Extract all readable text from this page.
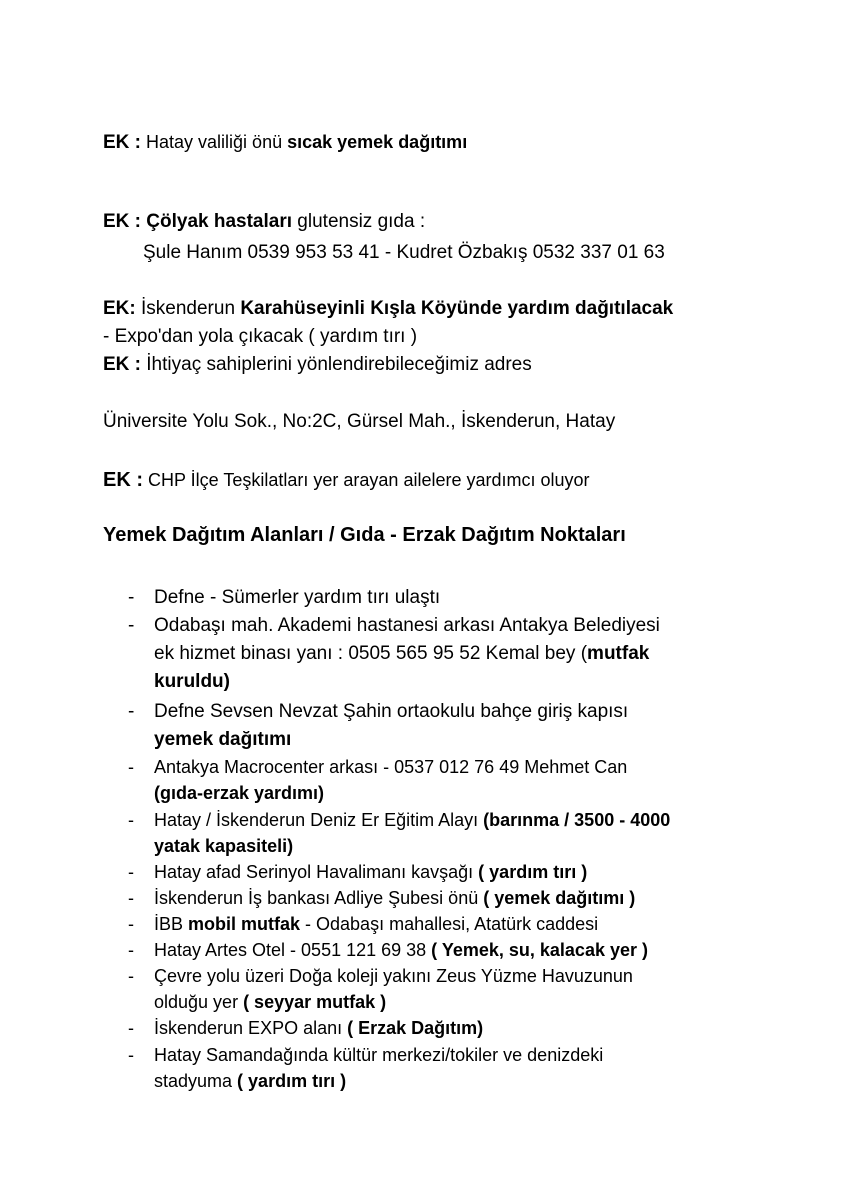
EK : Hatay valiliği önü sıcak yemek dağıtımı
EK : Çölyak hastaları glutensiz gıda :
Şule Hanım 0539 953 53 41 - Kudret Özbakış 0532 337 01 63
EK: İskenderun Karahüseyinli Kışla Köyünde yardım dağıtılacak
- Expo'dan yola çıkacak ( yardım tırı )
EK : İhtiyaç sahiplerini yönlendirebileceğimiz adres
Üniversite Yolu Sok., No:2C, Gürsel Mah., İskenderun, Hatay
EK : CHP İlçe Teşkilatları yer arayan ailelere yardımcı oluyor
Yemek Dağıtım Alanları / Gıda - Erzak Dağıtım Noktaları
- Defne - Sümerler yardım tırı ulaştı
- Odabaşı mah. Akademi hastanesi arkası Antakya Belediyesi
ek hizmet binası yanı : 0505 565 95 52 Kemal bey (mutfak
kuruldu)
- Defne Sevsen Nevzat Şahin ortaokulu bahçe giriş kapısı
yemek dağıtımı
- Antakya Macrocenter arkası - 0537 012 76 49 Mehmet Can
(gıda-erzak yardımı)
- Hatay / İskenderun Deniz Er Eğitim Alayı (barınma / 3500 - 4000
yatak kapasiteli)
- Hatay afad Serinyol Havalimanı kavşağı ( yardım tırı )
- İskenderun İş bankası Adliye Şubesi önü ( yemek dağıtımı )
- İBB mobil mutfak - Odabaşı mahallesi, Atatürk caddesi
- Hatay Artes Otel - 0551 121 69 38 ( Yemek, su, kalacak yer )
- Çevre yolu üzeri Doğa koleji yakını Zeus Yüzme Havuzunun
olduğu yer ( seyyar mutfak )
- İskenderun EXPO alanı ( Erzak Dağıtım)
- Hatay Samandağında kültür merkezi/tokiler ve denizdeki
stadyuma ( yardım tırı )
